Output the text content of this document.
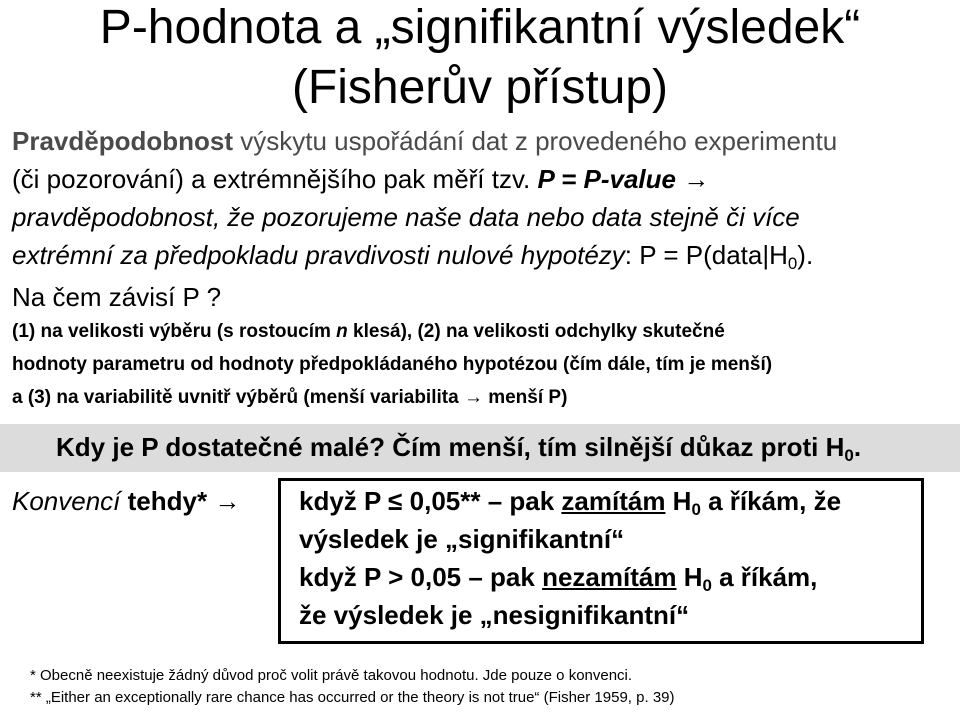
P-hodnota a „signifikantní výsledek“
(Fisherův přístup)
Pravděpodobnost výskytu uspořádání dat z provedeného experimentu
(či pozorování) a extrémnějšího pak měří tzv. P = P-value →
pravděpodobnost, že pozorujeme naše data nebo data stejně či více
extrémní za předpokladu pravdivosti nulové hypotézy: $P = P(data|H_0)$.
Na čem závisí P ?
(1) na velikosti výběru (s rostoucím n klesá), (2) na velikosti odchylky skutečné
hodnoty parametru od hodnoty předpokládaného hypotézou (čím dále, tím je menší)
a (3) na variabilitě uvnitř výběrů (menší variabilita → menší P)
Kdy je P dostatečné malé? Čím menší, tím silnější důkaz proti $H_0$.
Konvencí tehdy* → když P ≤ 0,05** – pak zamítám $H_0$ a říkám, že
výsledek je „signifikantní“
když P > 0,05 – pak nezamítám $H_0$ a říkám,
že výsledek je „nesignifikantní“
* Obecně neexistuje žádný důvod proč volit právě takovou hodnotu. Jde pouze o konvenci.
** „Either an exceptionally rare chance has occurred or the theory is not true“ (Fisher 1959, p. 39)
